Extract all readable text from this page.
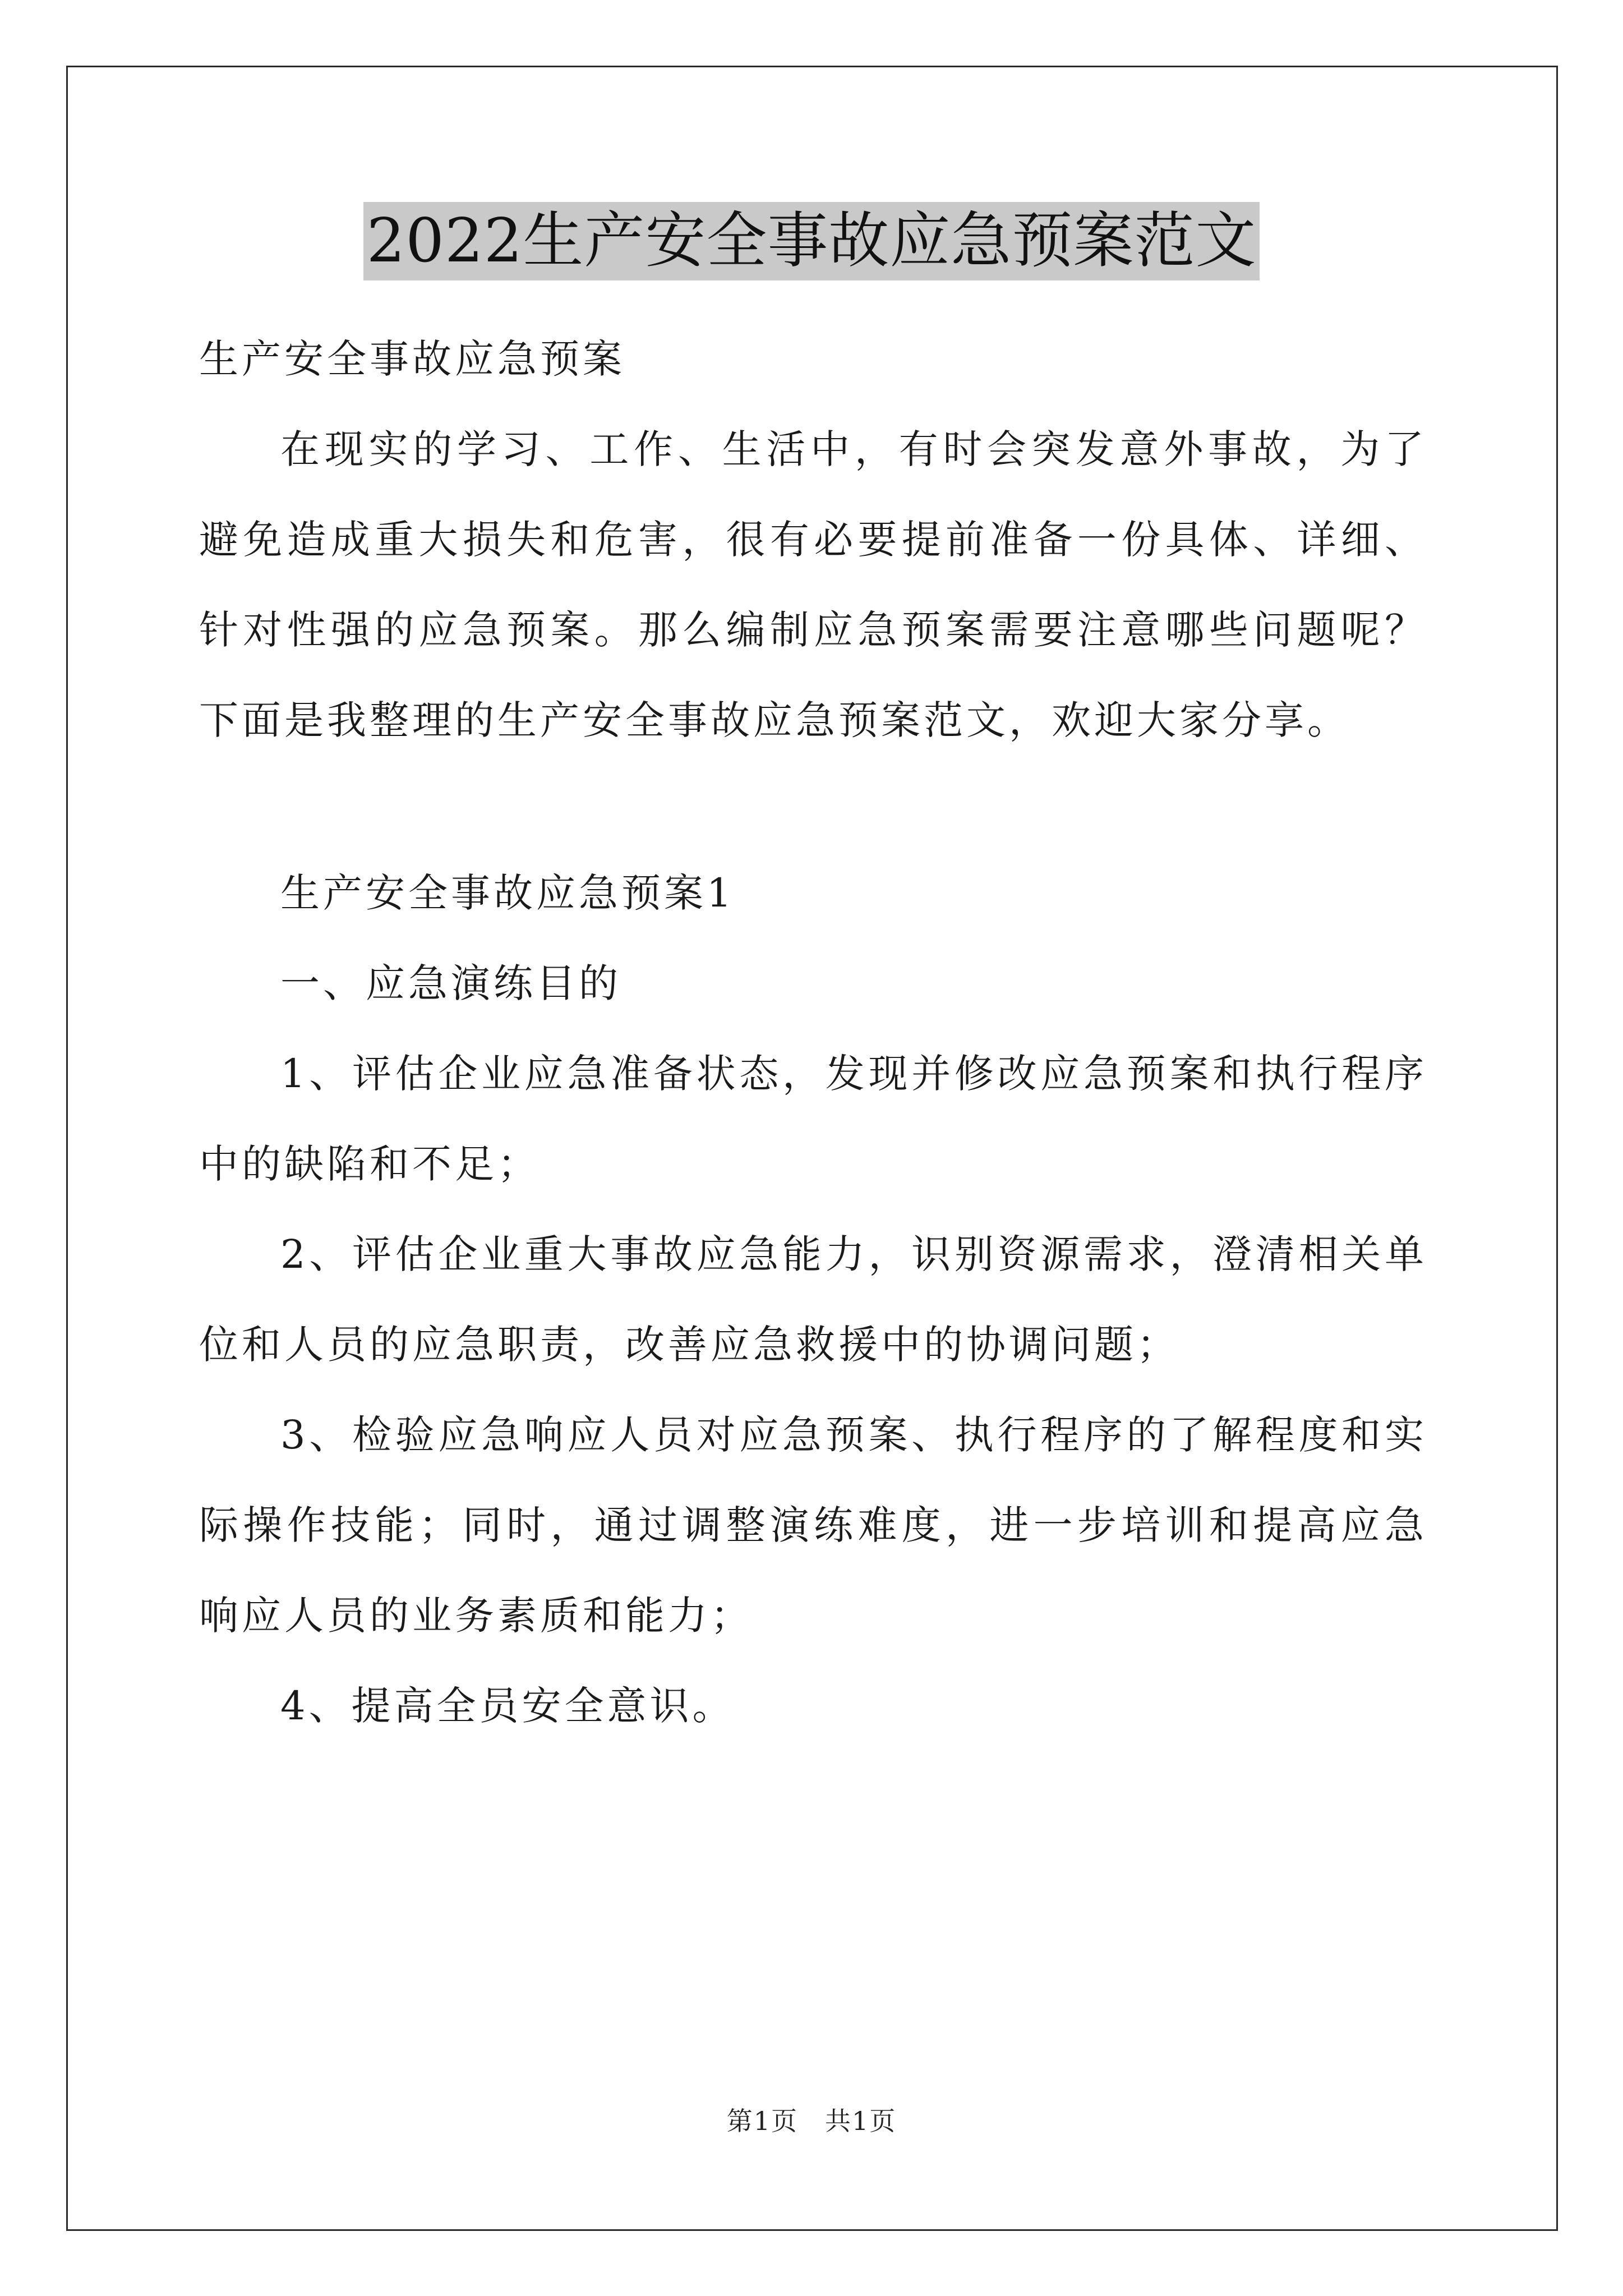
2022生产安全事故应急预案范文

生产安全事故应急预案

在现实的学习、工作、生活中，有时会突发意外事故，为了避免造成重大损失和危害，很有必要提前准备一份具体、详细、针对性强的应急预案。那么编制应急预案需要注意哪些问题呢？下面是我整理的生产安全事故应急预案范文，欢迎大家分享。

生产安全事故应急预案1

一、应急演练目的

1、评估企业应急准备状态，发现并修改应急预案和执行程序中的缺陷和不足；

2、评估企业重大事故应急能力，识别资源需求，澄清相关单位和人员的应急职责，改善应急救援中的协调问题；

3、检验应急响应人员对应急预案、执行程序的了解程度和实际操作技能；同时，通过调整演练难度，进一步培训和提高应急响应人员的业务素质和能力；

4、提高全员安全意识。

第1页　共1页
